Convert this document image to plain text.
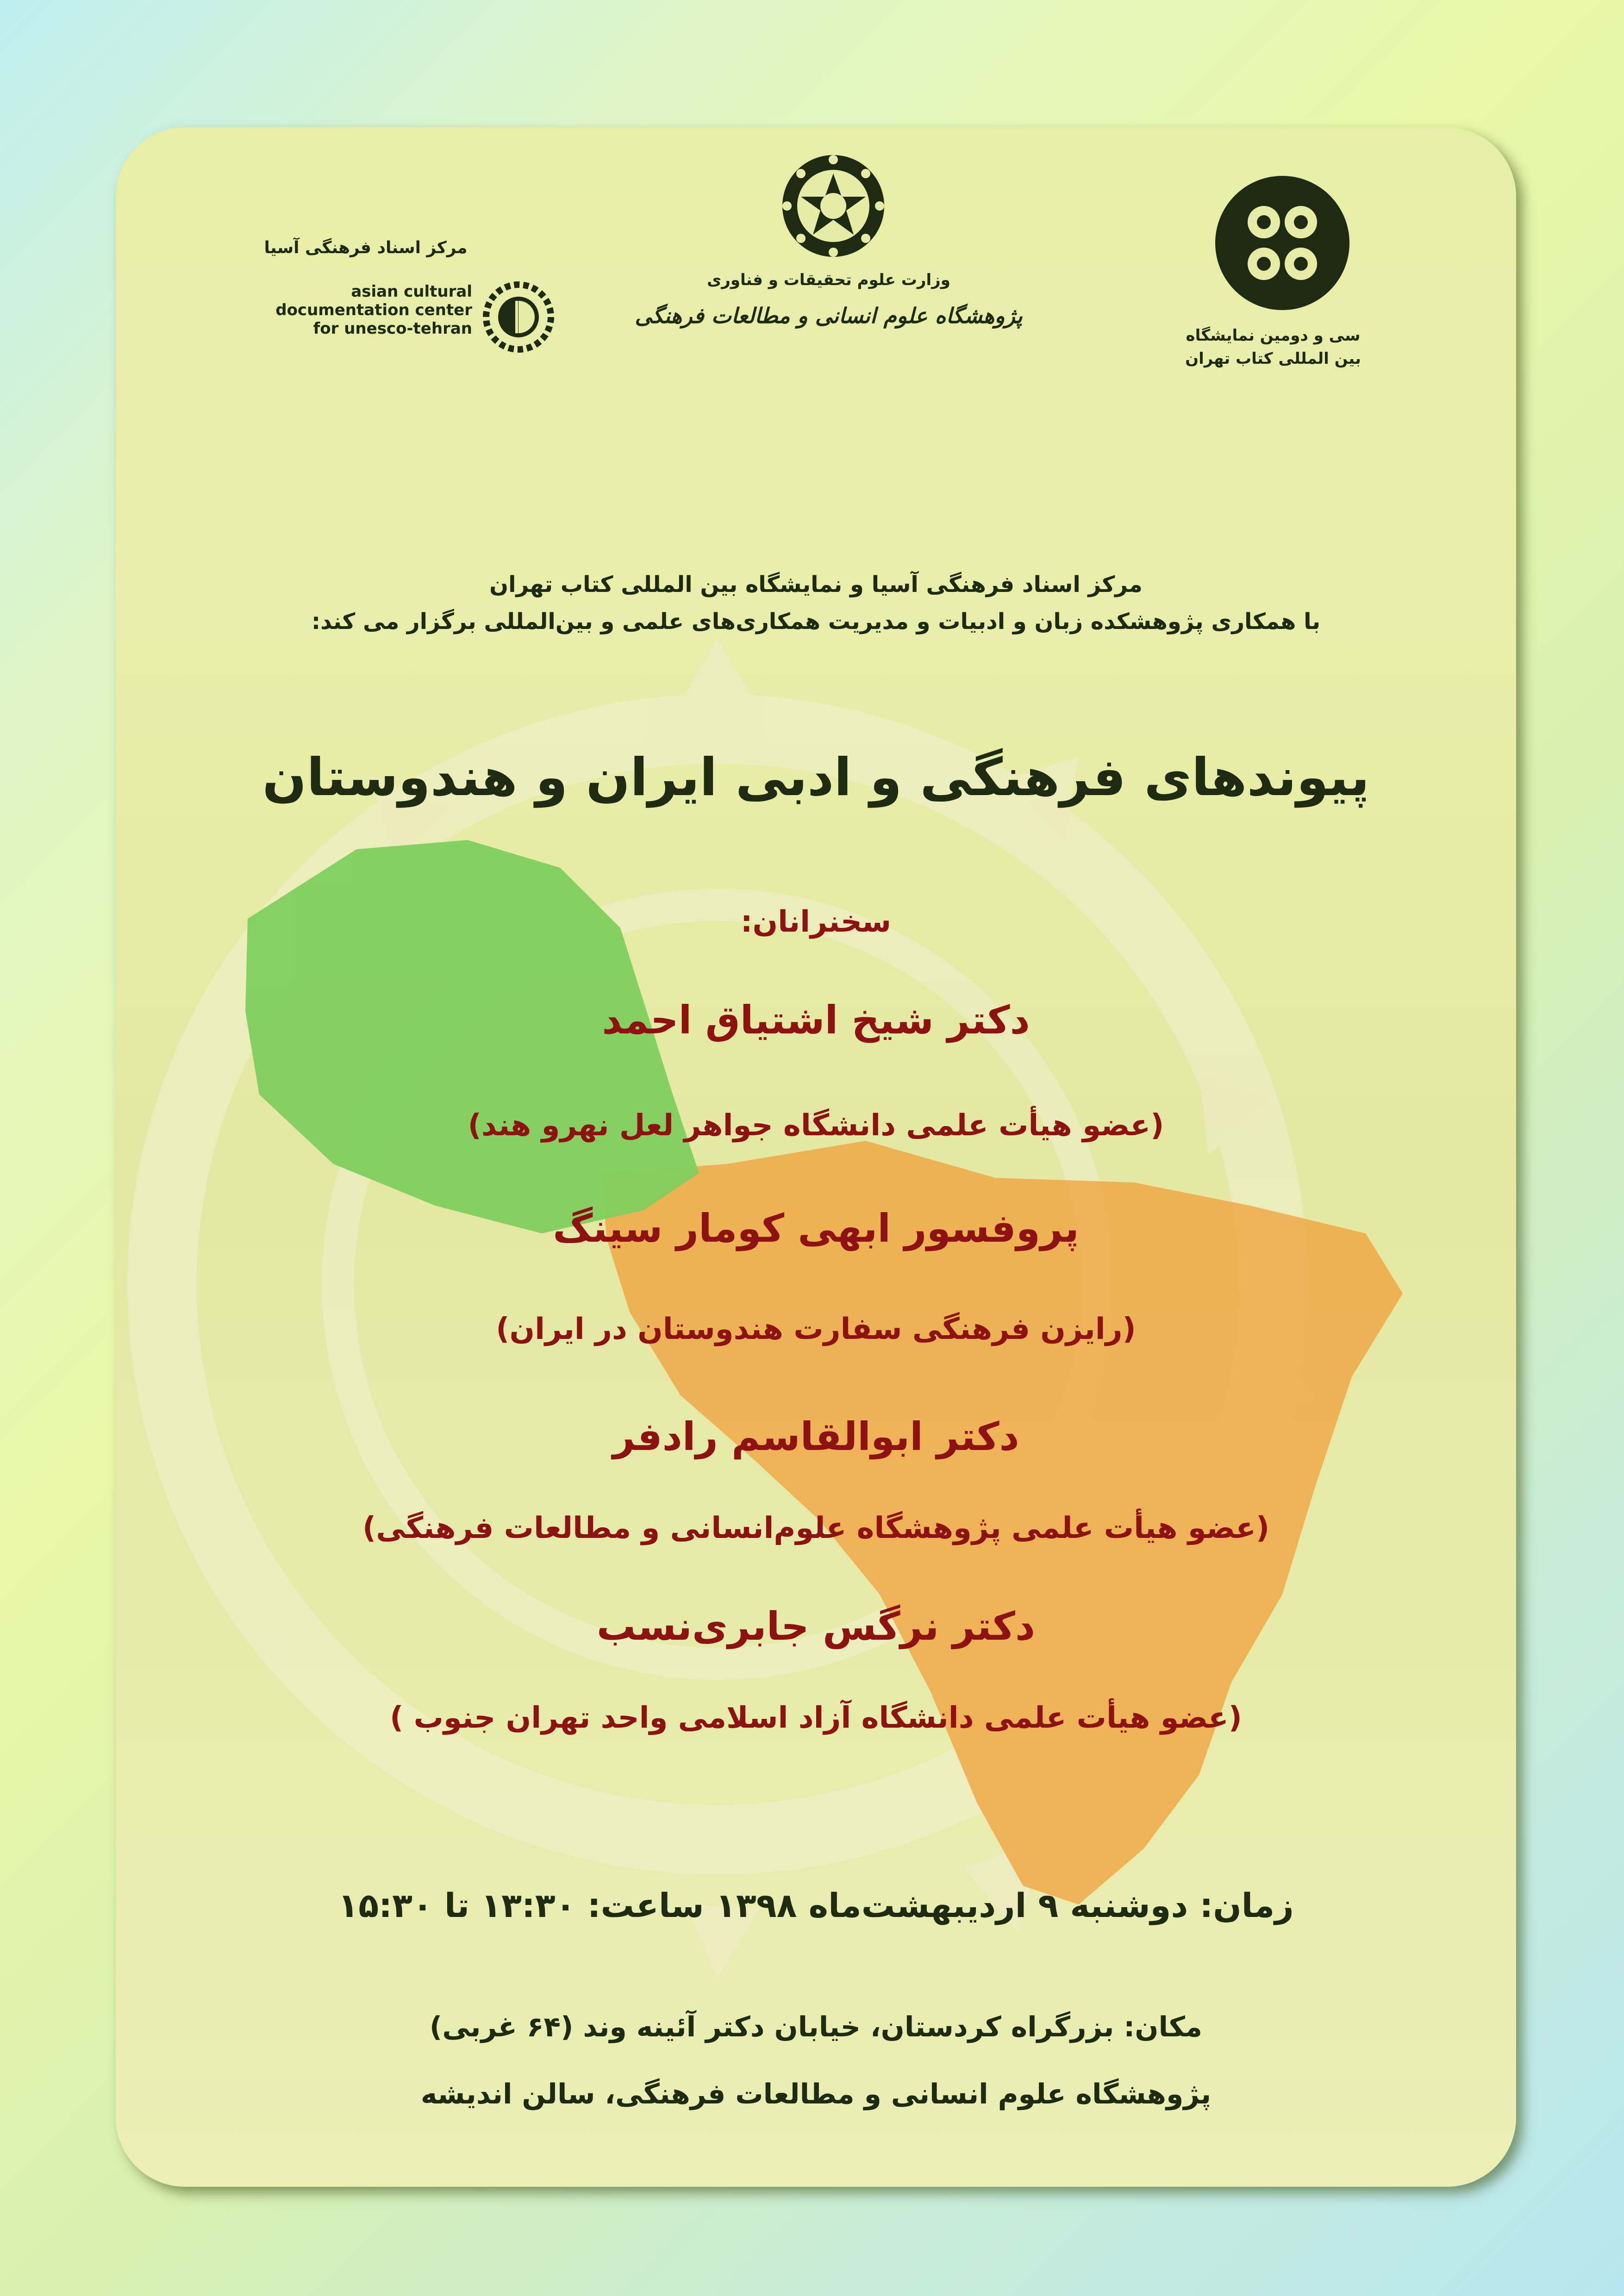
مرکز اسناد فرهنگی آسیا
asian cultural
documentation center
for unesco-tehran
وزارت علوم تحقیقات و فناوری
پژوهشگاه علوم انسانی و مطالعات فرهنگی
سی و دومین نمایشگاه
بین المللی کتاب تهران
مرکز اسناد فرهنگی آسیا و نمایشگاه بین المللی کتاب تهران
با همکاری پژوهشکده زبان و ادبیات و مدیریت همکاری‌های علمی و بین‌المللی برگزار می کند:
پیوندهای فرهنگی و ادبی ایران و هندوستان
سخنرانان:
دکتر شیخ اشتیاق احمد
(عضو هیأت علمی دانشگاه جواهر لعل نهرو هند)
پروفسور ابهی کومار سینگ
(رایزن فرهنگی سفارت هندوستان در ایران)
دکتر ابوالقاسم رادفر
(عضو هیأت علمی پژوهشگاه علوم‌انسانی و مطالعات فرهنگی)
دکتر نرگس جابری‌نسب
(عضو هیأت علمی دانشگاه آزاد اسلامی واحد تهران جنوب )
زمان: دوشنبه ۹ اردیبهشت‌ماه ۱۳۹۸ ساعت: ۱۳:۳۰ تا ۱۵:۳۰
مکان: بزرگراه کردستان، خیابان دکتر آئینه وند (۶۴ غربی)
پژوهشگاه علوم انسانی و مطالعات فرهنگی، سالن اندیشه
